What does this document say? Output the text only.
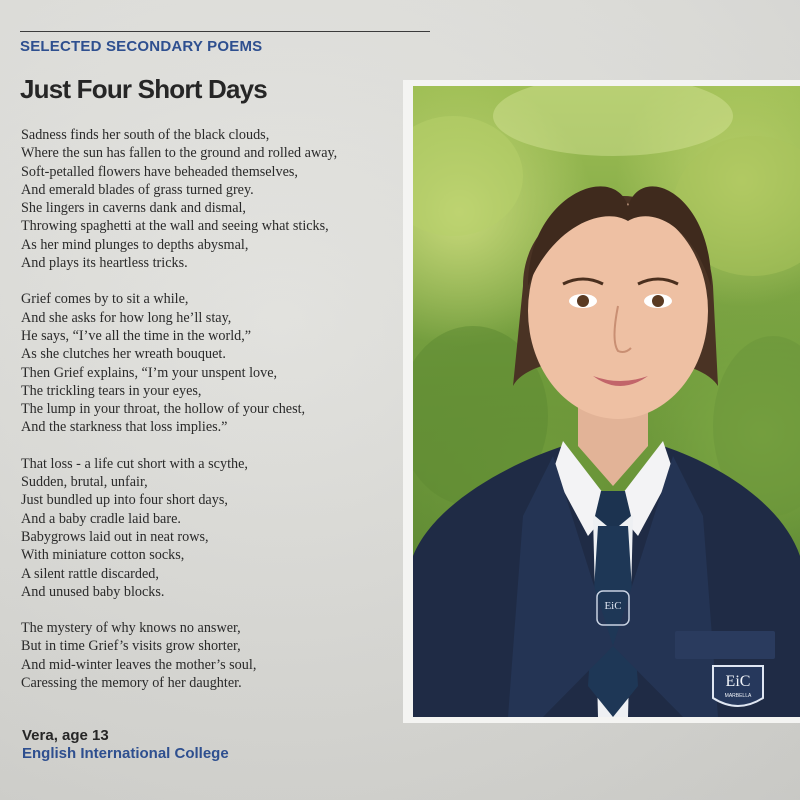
SELECTED SECONDARY POEMS
Just Four Short Days
Sadness finds her south of the black clouds,
Where the sun has fallen to the ground and rolled away,
Soft-petalled flowers have beheaded themselves,
And emerald blades of grass turned grey.
She lingers in caverns dank and dismal,
Throwing spaghetti at the wall and seeing what sticks,
As her mind plunges to depths abysmal,
And plays its heartless tricks.
Grief comes by to sit a while,
And she asks for how long he’ll stay,
He says, “I’ve all the time in the world,”
As she clutches her wreath bouquet.
Then Grief explains, “I’m your unspent love,
The trickling tears in your eyes,
The lump in your throat, the hollow of your chest,
And the starkness that loss implies.”
That loss - a life cut short with a scythe,
Sudden, brutal, unfair,
Just bundled up into four short days,
And a baby cradle laid bare.
Babygrows laid out in neat rows,
With miniature cotton socks,
A silent rattle discarded,
And unused baby blocks.
The mystery of why knows no answer,
But in time Grief’s visits grow shorter,
And mid-winter leaves the mother’s soul,
Caressing the memory of her daughter.
Vera, age 13
English International College
EiC
EiC
MARBELLA
